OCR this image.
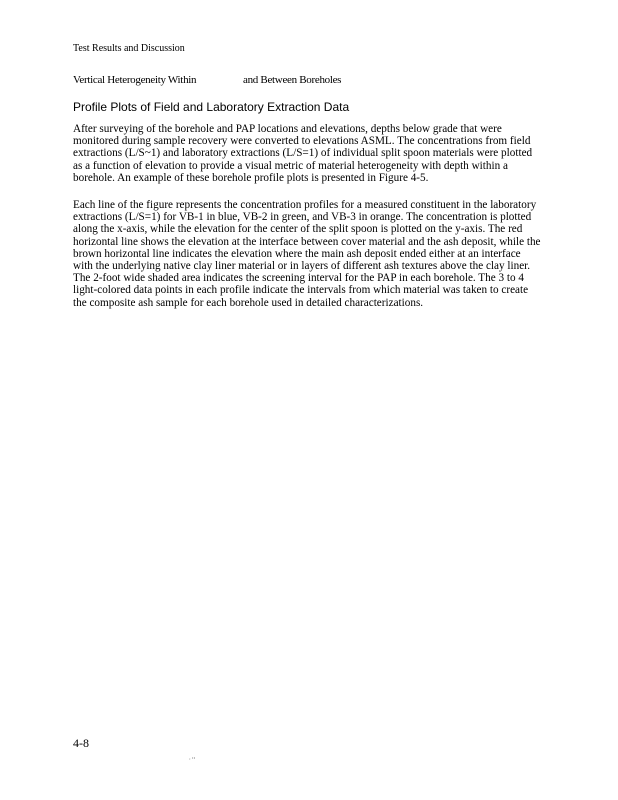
Test Results and Discussion
Vertical Heterogeneity Within	and Between Boreholes
Profile Plots of Field and Laboratory Extraction Data

After surveying of the borehole and PAP locations and elevations, depths below grade that were monitored during sample recovery were converted to elevations ASML. The concentrations from field extractions (L/S~1) and laboratory extractions (L/S=1) of individual split spoon materials were plotted as a function of elevation to provide a visual metric of material heterogeneity with depth within a borehole. An example of these borehole profile plots is presented in Figure 4-5.

Each line of the figure represents the concentration profiles for a measured constituent in the laboratory extractions (L/S=1) for VB-1 in blue, VB-2 in green, and VB-3 in orange. The concentration is plotted along the x-axis, while the elevation for the center of the split spoon is plotted on the y-axis. The red horizontal line shows the elevation at the interface between cover material and the ash deposit, while the brown horizontal line indicates the elevation where the main ash deposit ended either at an interface with the underlying native clay liner material or in layers of different ash textures above the clay liner. The 2-foot wide shaded area indicates the screening interval for the PAP in each borehole. The 3 to 4 light-colored data points in each profile indicate the intervals from which material was taken to create the composite ash sample for each borehole used in detailed characterizations.

4-8
‚ ‹‹
